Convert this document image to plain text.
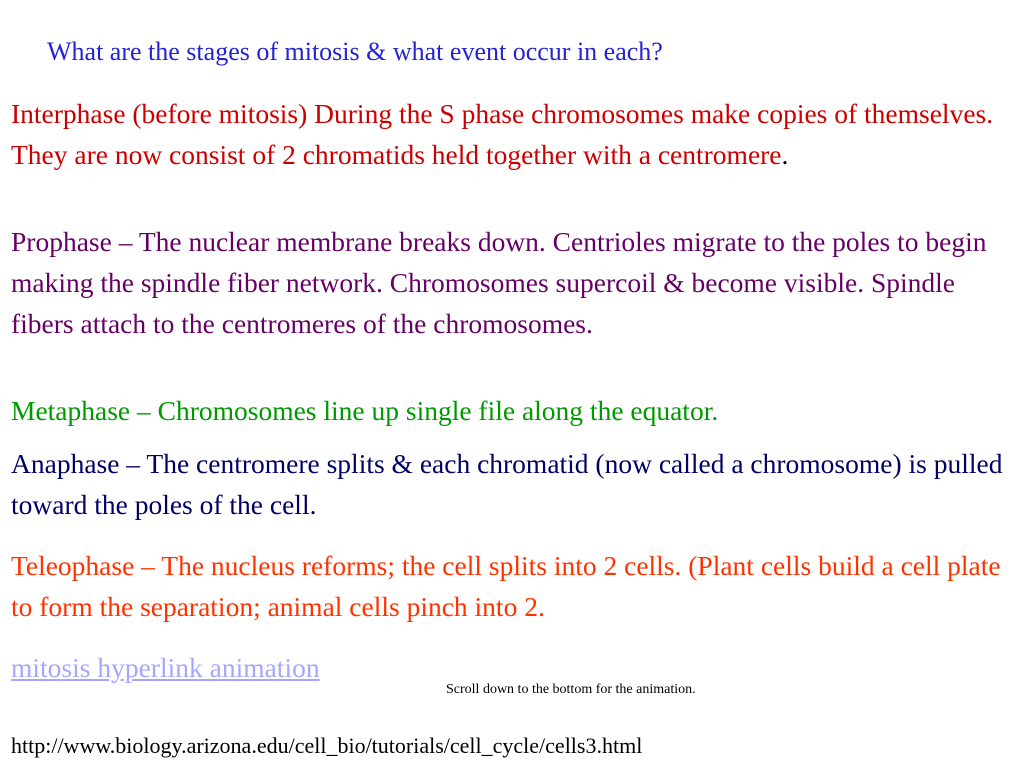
What are the stages of mitosis & what event occur in each?

Interphase (before mitosis) During the S phase chromosomes make copies of themselves. They are now consist of 2 chromatids held together with a centromere.

Prophase – The nuclear membrane breaks down. Centrioles migrate to the poles to begin making the spindle fiber network. Chromosomes supercoil & become visible. Spindle fibers attach to the centromeres of the chromosomes.

Metaphase – Chromosomes line up single file along the equator.

Anaphase – The centromere splits & each chromatid (now called a chromosome) is pulled toward the poles of the cell.

Teleophase – The nucleus reforms; the cell splits into 2 cells. (Plant cells build a cell plate to form the separation; animal cells pinch into 2.

mitosis hyperlink animation
Scroll down to the bottom for the animation.
http://www.biology.arizona.edu/cell_bio/tutorials/cell_cycle/cells3.html
